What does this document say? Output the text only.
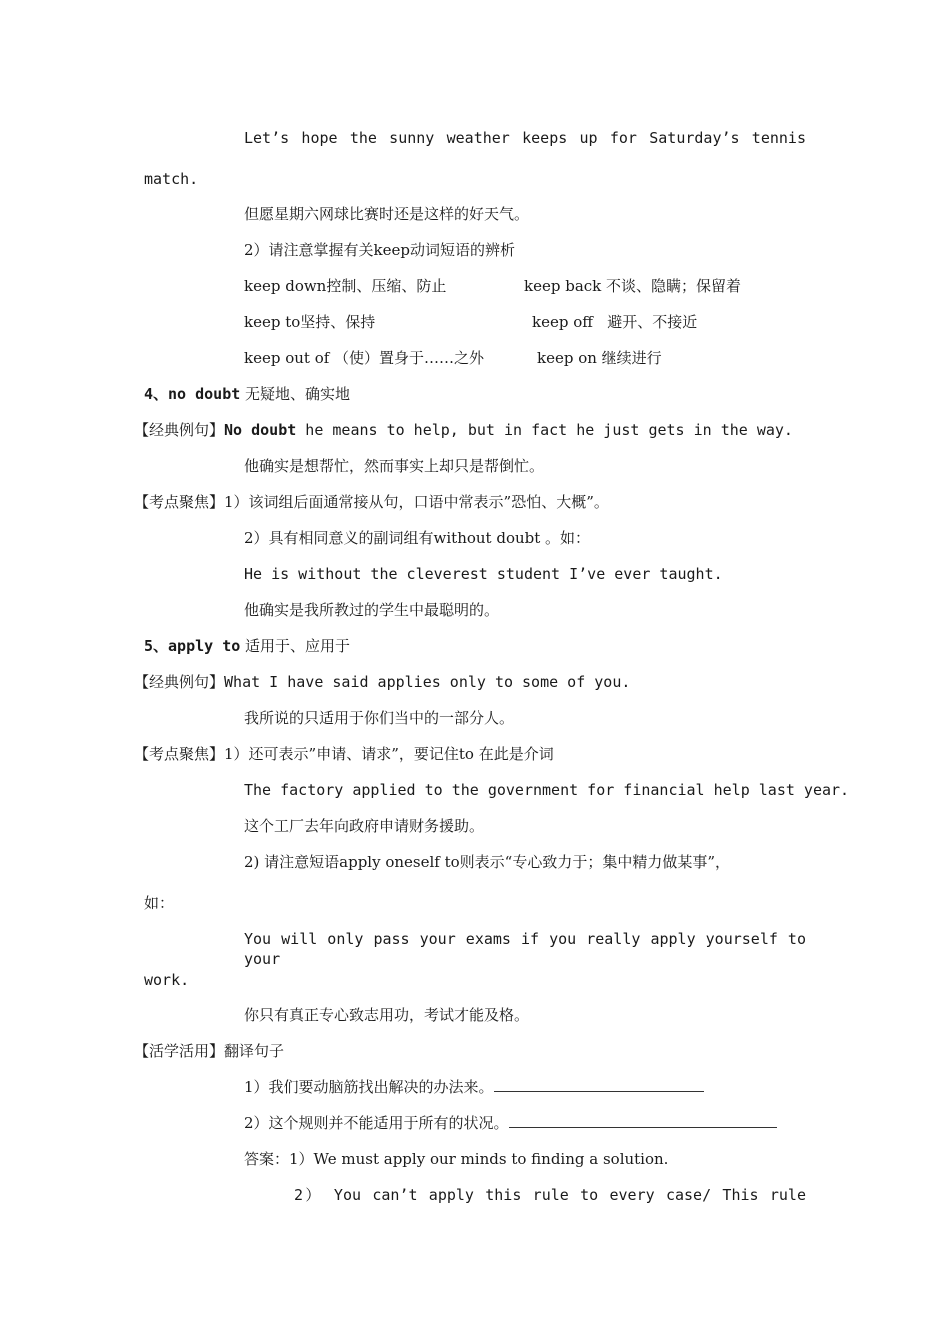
Let’s hope the sunny weather keeps up for Saturday’s tennis
match.
但愿星期六网球比赛时还是这样的好天气。
2）请注意掌握有关keep动词短语的辨析
keep down控制、压缩、防止	keep back 不谈、隐瞒；保留着
keep to坚持、保持	keep off   避开、不接近
keep out of （使）置身于……之外	keep on 继续进行
4、no doubt 无疑地、确实地
【经典例句】No doubt he means to help, but in fact he just gets in the way.
他确实是想帮忙，然而事实上却只是帮倒忙。
【考点聚焦】1）该词组后面通常接从句，口语中常表示”恐怕、大概”。
2）具有相同意义的副词组有without doubt 。如：
He is without the cleverest student I’ve ever taught.
他确实是我所教过的学生中最聪明的。
5、apply to 适用于、应用于
【经典例句】What I have said applies only to some of you.
我所说的只适用于你们当中的一部分人。
【考点聚焦】1）还可表示”申请、请求”，要记住to 在此是介词
The factory applied to the government for financial help last year.
这个工厂去年向政府申请财务援助。
2) 请注意短语apply oneself to则表示“专心致力于；集中精力做某事”，
如：
You will only pass your exams if you really apply yourself to your
work.
你只有真正专心致志用功，考试才能及格。
【活学活用】翻译句子
1）我们要动脑筋找出解决的办法来。
2）这个规则并不能适用于所有的状况。
答案：1）We must apply our minds to finding a solution.
2） You can’t apply this rule to every case/ This rule
